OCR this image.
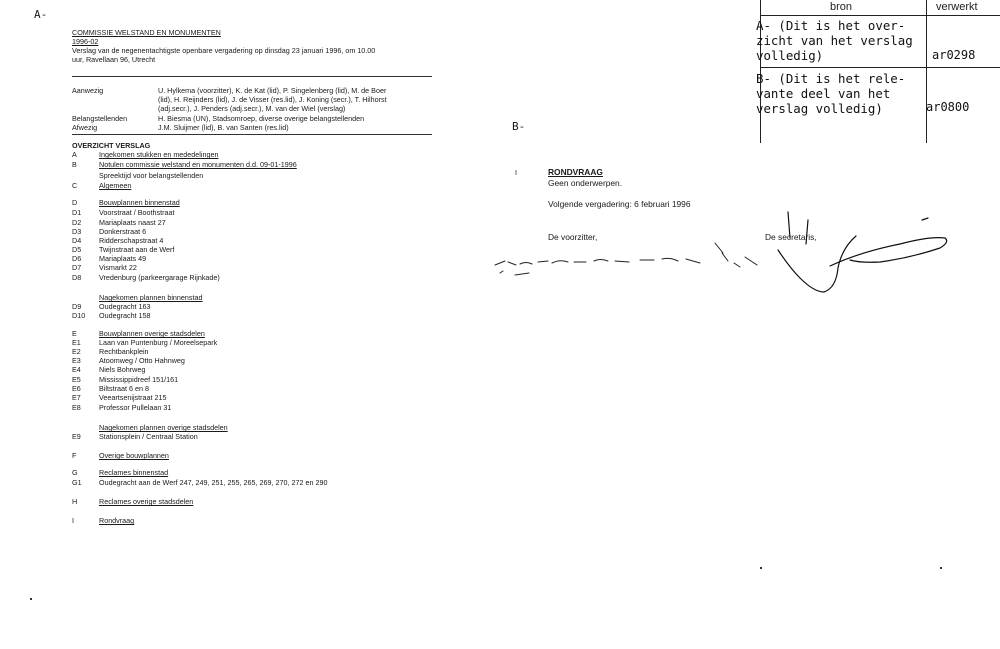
A-
B-
COMMISSIE WELSTAND EN MONUMENTEN
1996-02
Verslag van de negenentachtigste openbare vergadering op dinsdag 23 januari 1996, om 10.00
uur, Ravellaan 96, Utrecht
Aanwezig	U. Hylkema (voorzitter), K. de Kat (lid), P. Singelenberg (lid), M. de Boer
(lid), H. Reijnders (lid), J. de Visser (res.lid), J. Koning (secr.), T. Hilhorst
(adj.secr.), J. Penders (adj.secr.), M. van der Wiel (verslag)
Belangstellenden	H. Biesma (UN), Stadsomroep, diverse overige belangstellenden
Afwezig	J.M. Sluijmer (lid), B. van Santen (res.lid)
OVERZICHT VERSLAG
A	Ingekomen stukken en mededelingen
B	Notulen commissie welstand en monumenten d.d. 09-01-1996
Spreektijd voor belangstellenden
C	Algemeen
D	Bouwplannen binnenstad
D1 Voorstraat / Boothstraat
D2 Mariaplaats naast 27
D3 Donkerstraat 6
D4 Ridderschapstraat 4
D5 Twijnstraat aan de Werf
D6 Mariaplaats 49
D7 Vismarkt 22
D8 Vredenburg (parkeergarage Rijnkade)
Nagekomen plannen binnenstad
D9 Oudegracht 163
D10 Oudegracht 158
E	Bouwplannen overige stadsdelen
E1	Laan van Puntenburg / Moreelsepark
E2	Rechtbankplein
E3	Atoomweg / Otto Hahnweg
E4	Niels Bohrweg
E5	Mississippidreef 151/161
E6	Biltstraat 6 en 8
E7	Veeartsenijstraat 215
E8	Professor Pullelaan 31
Nagekomen plannen overige stadsdelen
E9	Stationsplein / Centraal Station
F	Overige bouwplannen
G	Reclames binnenstad
G1 Oudegracht aan de Werf 247, 249, 251, 255, 265, 269, 270, 272 en 290
H	Reclames overige stadsdelen
I	Rondvraag
I	RONDVRAAG
Geen onderwerpen.
Volgende vergadering: 6 februari 1996
De voorzitter,	De secretaris,
bron	verwerkt
A- (Dit is het over-
zicht van het verslag
volledig)	ar0298
B- (Dit is het rele-
vante deel van het
verslag volledig)	ar0800
